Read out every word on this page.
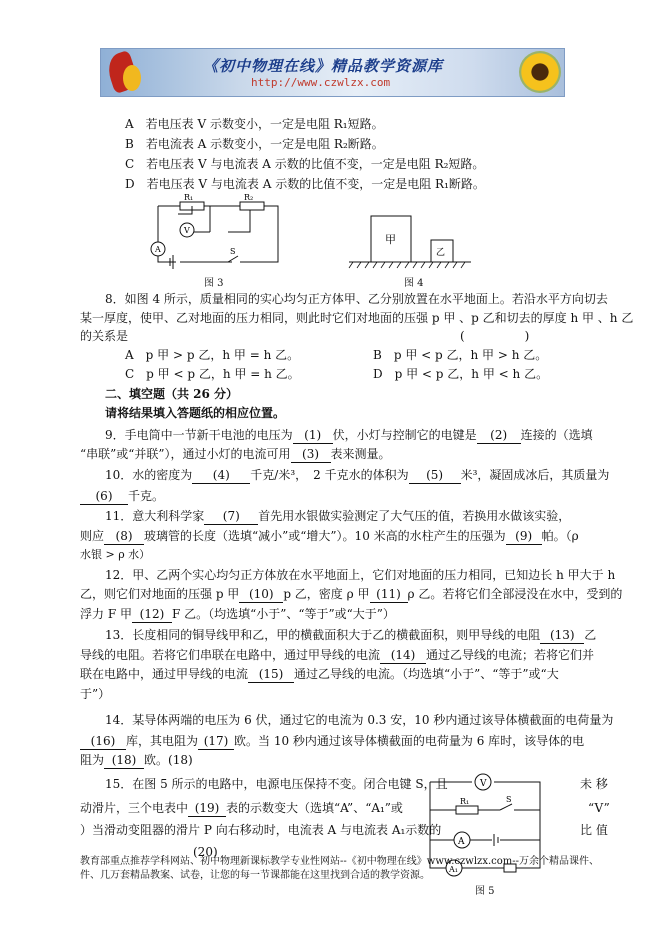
《初中物理在线》精品教学资源库
http://www.czwlzx.com
A　若电压表 V 示数变小，一定是电阻 R₁短路。
B　若电流表 A 示数变小，一定是电阻 R₂断路。
C　若电压表 V 与电流表 A 示数的比值不变，一定是电阻 R₂短路。
D　若电压表 V 与电流表 A 示数的比值不变，一定是电阻 R₁断路。
R₁	R₂
V
A	S
图 3
甲
乙
图 4
8．如图 4 所示，质量相同的实心均匀正方体甲、乙分别放置在水平地面上。若沿水平方向切去
某一厚度，使甲、乙对地面的压力相同，则此时它们对地面的压强 p 甲 、p 乙和切去的厚度 h 甲 、h 乙
的关系是	(　　　　　)
A　p 甲 > p 乙，h 甲 = h 乙。	B　p 甲 < p 乙，h 甲 > h 乙。
C　p 甲 < p 乙，h 甲 = h 乙。	D　p 甲 < p 乙，h 甲 < h 乙。
二、填空题（共 26 分）
请将结果填入答题纸的相应位置。
9．手电筒中一节新干电池的电压为 (1) 伏，小灯与控制它的电键是 (2) 连接的（选填
“串联”或“并联”），通过小灯的电流可用 (3) 表来测量。
10．水的密度为 (4) 千克/米³，　2 千克水的体积为 (5) 米³，凝固成冰后，其质量为
(6) 千克。
11．意大利科学家 (7) 首先用水银做实验测定了大气压的值，若换用水做该实验，
则应 (8) 玻璃管的长度（选填“减小”或“增大”）。10 米高的水柱产生的压强为 (9) 帕。（ρ
水银 > ρ 水）
12．甲、乙两个实心均匀正方体放在水平地面上，它们对地面的压力相同，已知边长 h 甲大于 h
乙，则它们对地面的压强 p 甲 (10) p 乙，密度 ρ 甲 (11) ρ 乙。若将它们全部浸没在水中，受到的
浮力 F 甲 (12) F 乙。（均选填“小于”、“等于”或“大于”）
13．长度相同的铜导线甲和乙，甲的横截面积大于乙的横截面积，则甲导线的电阻 (13) 乙
导线的电阻。若将它们串联在电路中，通过甲导线的电流 (14) 通过乙导线的电流；若将它们并
联在电路中，通过甲导线的电流 (15) 通过乙导线的电流。（均选填“小于”、“等于”或“大
于”）
14．某导体两端的电压为 6 伏，通过它的电流为 0.3 安，10 秒内通过该导体横截面的电荷量为
(16) 库，其电阻为 (17) 欧。当 10 秒内通过该导体横截面的电荷量为 6 库时，该导体的电
阻为 (18) 欧。(18)
15．在图 5 所示的电路中，电源电压保持不变。闭合电键 S，且	未 移
动滑片，三个电表中 (19) 表的示数变大（选填“A”、“A₁”或	“V”
）当滑动变阻器的滑片 P 向右移动时，电流表 A 与电流表 A₁示数的	比 值
(20)
V
R₁	S
A
A₁
图 5
教育部重点推荐学科网站、初中物理新课标教学专业性网站--《初中物理在线》www.czwlzx.com--万余个精品课件、
件、几万套精品教案、试卷，让您的每一节课都能在这里找到合适的教学资源。
